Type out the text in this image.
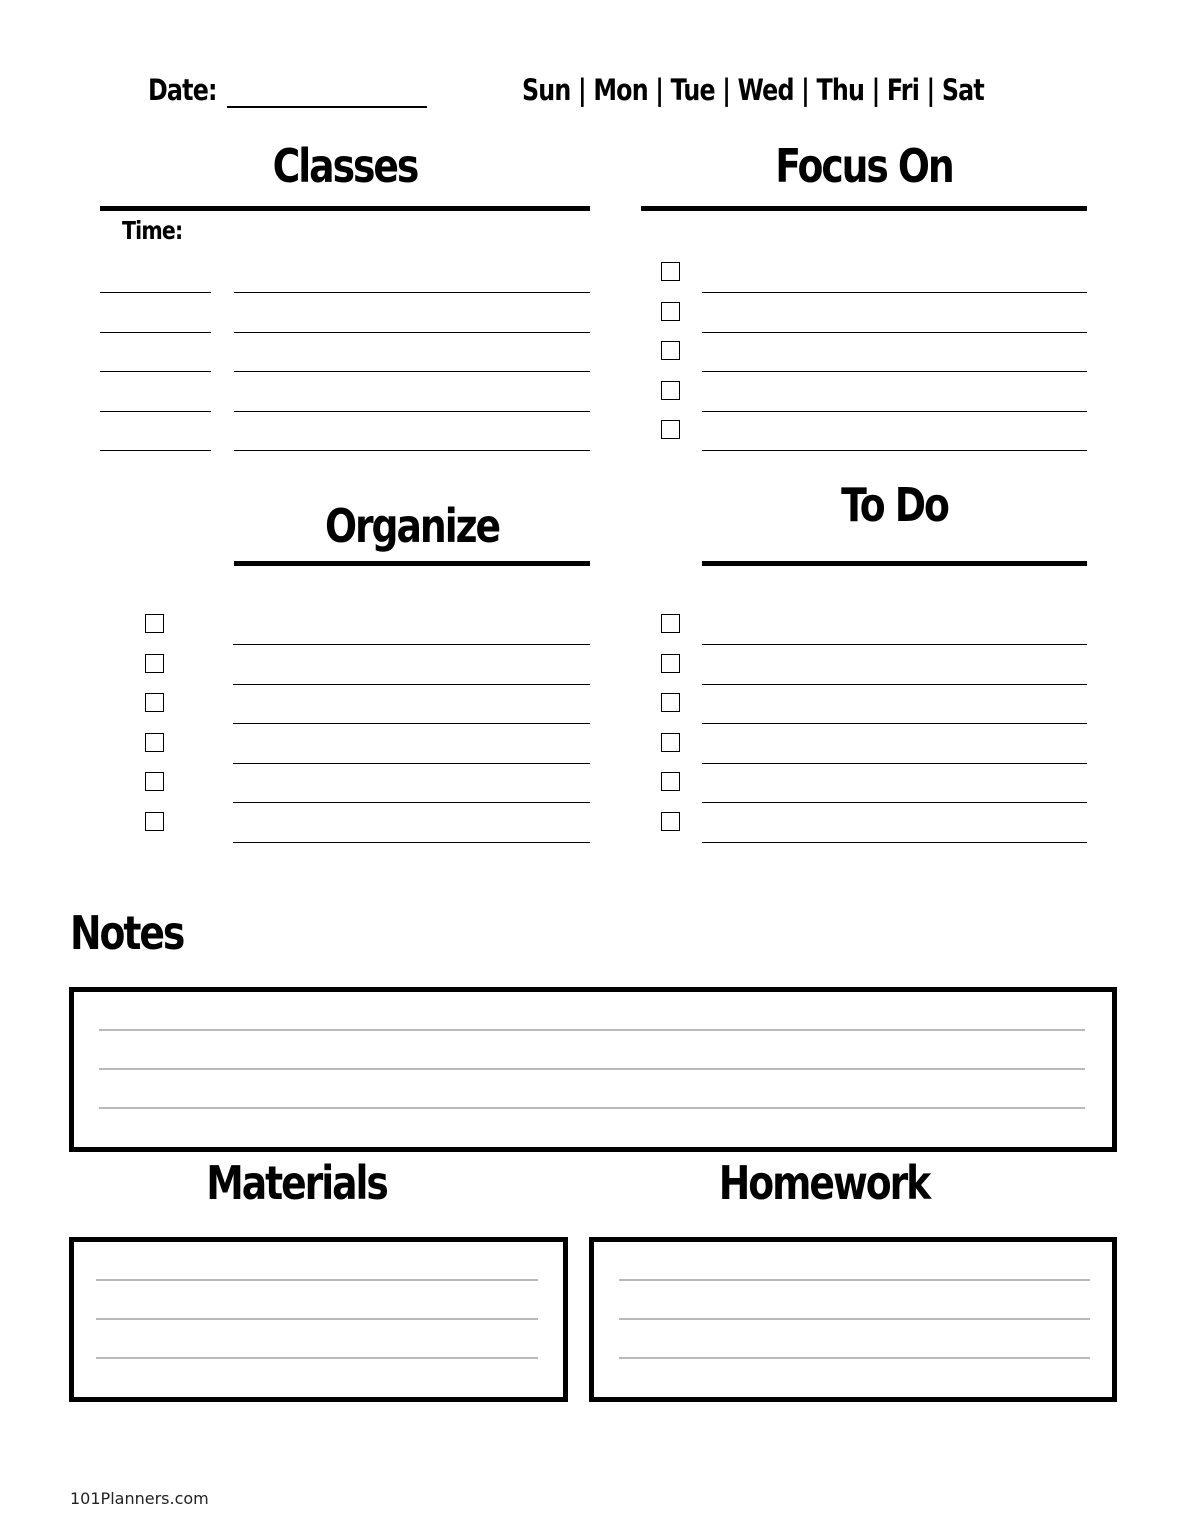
Date:	Sun | Mon | Tue | Wed | Thu | Fri | Sat
Classes
Time:
Focus On
Organize	To Do
Notes
Materials	Homework
101Planners.com
